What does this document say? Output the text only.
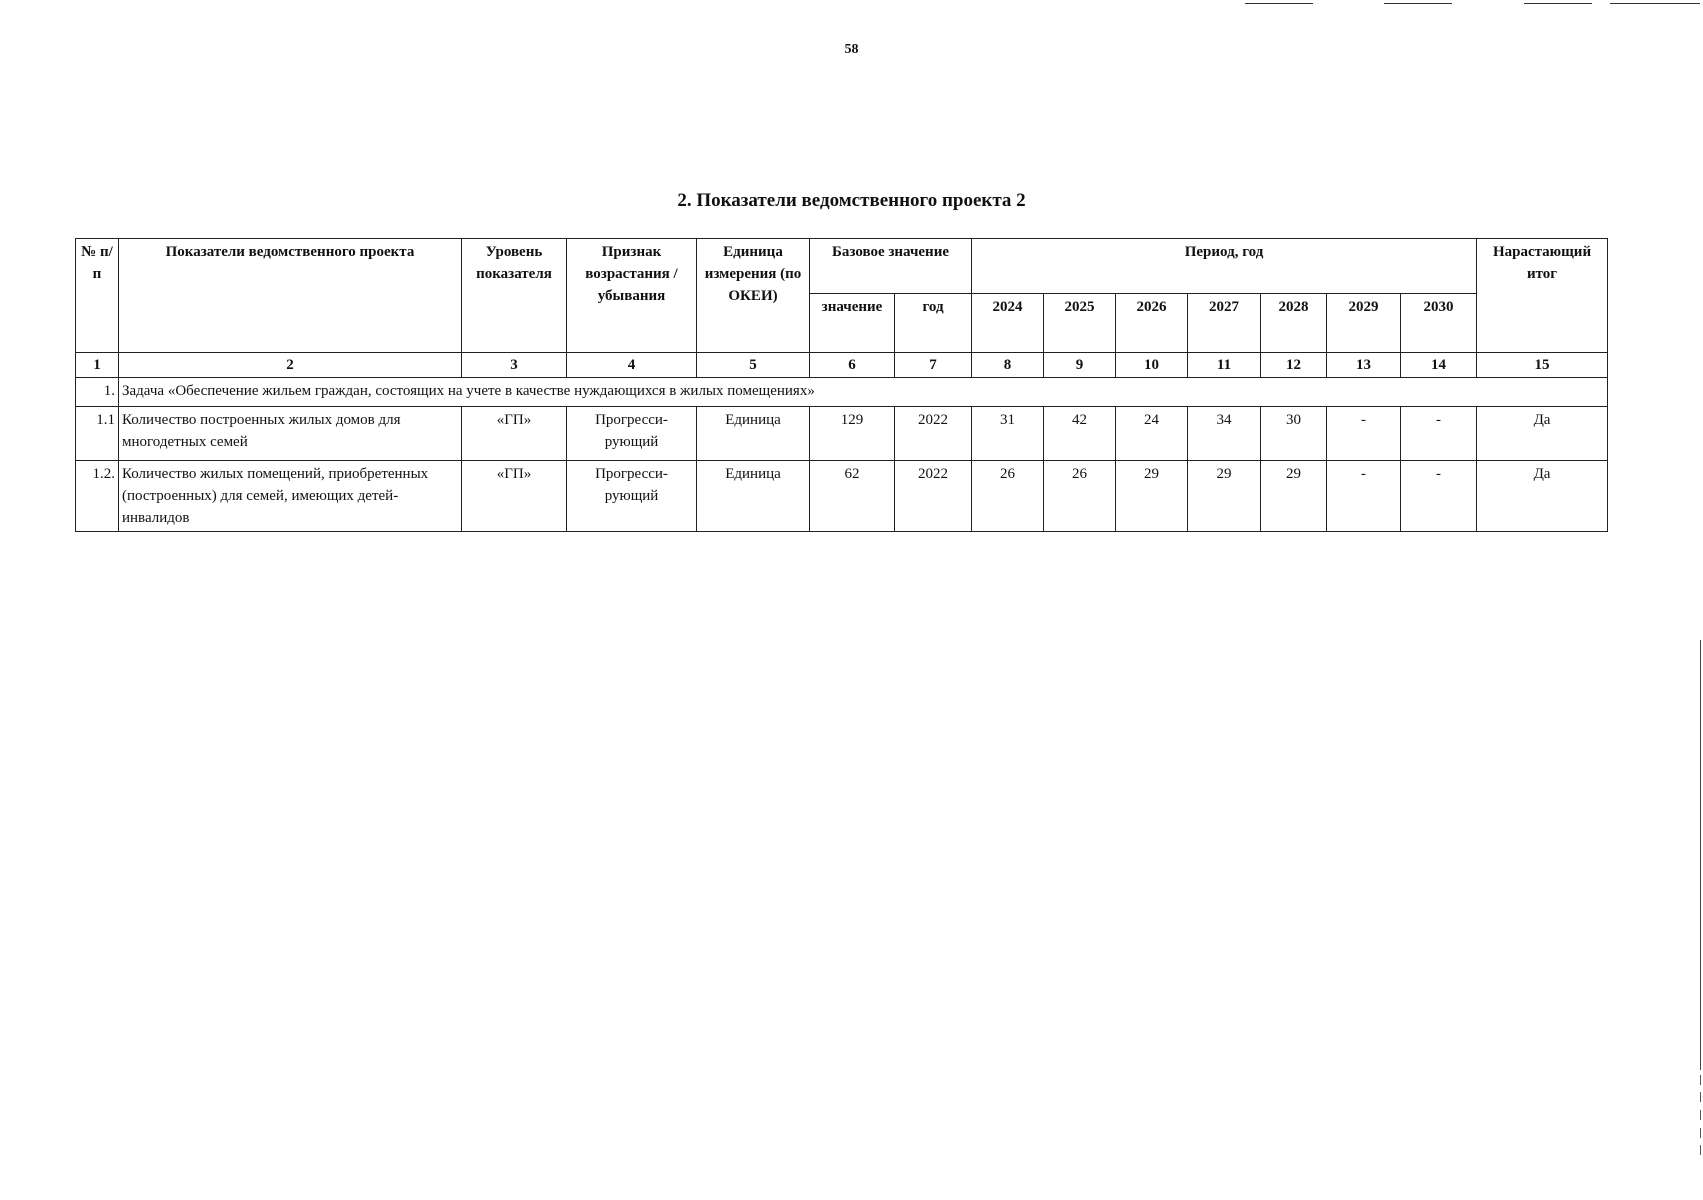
58
2. Показатели ведомственного проекта 2
№ п/п	Показатели ведомственного проекта	Уровень показателя	Признак возрастания / убывания	Единица измерения (по ОКЕИ)	Базовое значение		Период, год							Нарастающий итог
					значение	год	2024	2025	2026	2027	2028	2029	2030	
1	2	3	4	5	6	7	8	9	10	11	12	13	14	15
1.	Задача «Обеспечение жильем граждан, состоящих на учете в качестве нуждающихся в жилых помещениях»													
1.1	Количество построенных жилых домов для многодетных семей	«ГП»	Прогресси-рующий	Единица	129	2022	31	42	24	34	30	-	-	Да
1.2.	Количество жилых помещений, приобретенных (построенных) для семей, имеющих детей-инвалидов	«ГП»	Прогресси-рующий	Единица	62	2022	26	26	29	29	29	-	-	Да
